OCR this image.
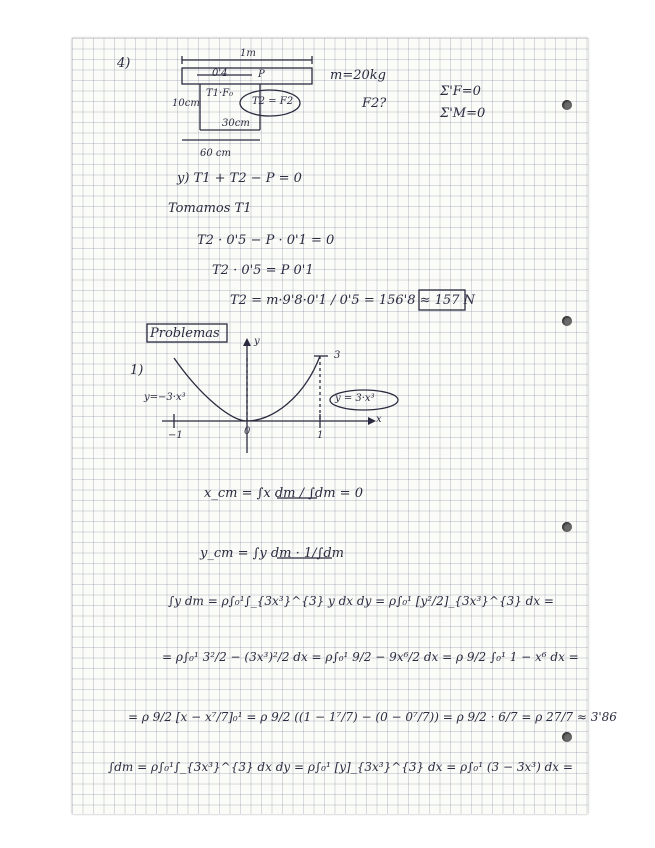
4)
1m
0'4	P
10cm
T1·F₀
T2 = F2
30cm
60 cm
m=20kg
F2?
Σ'F=0
Σ'M=0
y) T1 + T2 − P = 0
Tomamos T1
T2 · 0'5 − P · 0'1 = 0
T2 · 0'5 = P 0'1
T2 = m·9'8·0'1 / 0'5 = 156'8 ≈ 157 N
Problemas
1)
y=−3·x³	y = 3·x³
3
x
y
−1	0	1
x_cm = ∫x dm / ∫dm = 0
y_cm = ∫y dm · 1/∫dm
∫y dm = ρ∫₀¹∫_{3x³}^{3} y dx dy = ρ∫₀¹ [y²/2]_{3x³}^{3} dx =
= ρ∫₀¹ 3²/2 − (3x³)²/2 dx = ρ∫₀¹ 9/2 − 9x⁶/2 dx = ρ 9/2 ∫₀¹ 1 − x⁶ dx =
= ρ 9/2 [x − x⁷/7]₀¹ = ρ 9/2 ((1 − 1⁷/7) − (0 − 0⁷/7)) = ρ 9/2 · 6/7 = ρ 27/7 ≈ 3'86
∫dm = ρ∫₀¹∫_{3x³}^{3} dx dy = ρ∫₀¹ [y]_{3x³}^{3} dx = ρ∫₀¹ (3 − 3x³) dx =
